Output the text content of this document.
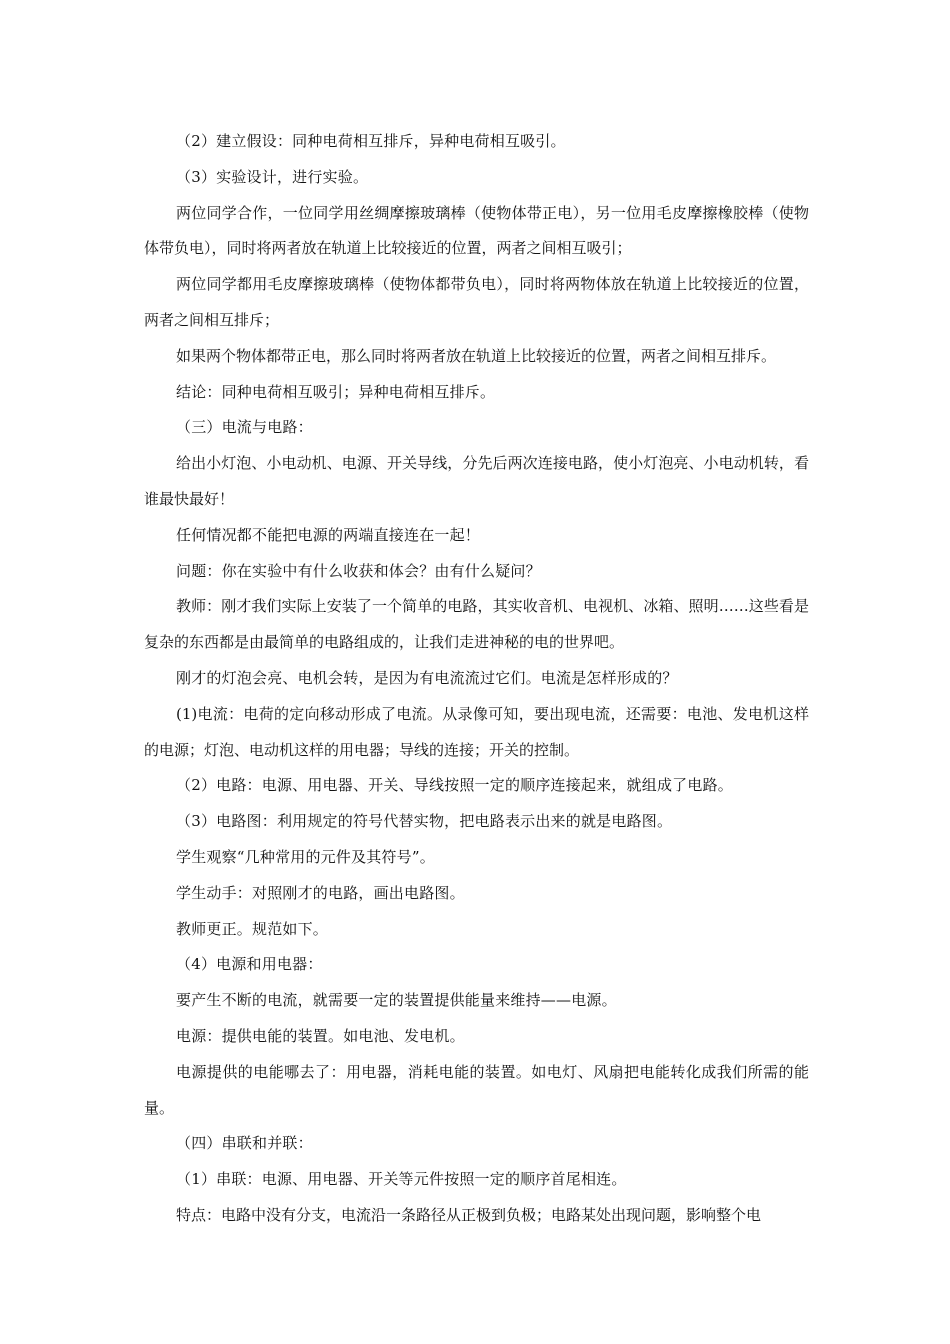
（2）建立假设：同种电荷相互排斥，异种电荷相互吸引。

（3）实验设计，进行实验。

两位同学合作，一位同学用丝绸摩擦玻璃棒（使物体带正电），另一位用毛皮摩擦橡胶棒（使物体带负电），同时将两者放在轨道上比较接近的位置，两者之间相互吸引；

两位同学都用毛皮摩擦玻璃棒（使物体都带负电），同时将两物体放在轨道上比较接近的位置，两者之间相互排斥；

如果两个物体都带正电，那么同时将两者放在轨道上比较接近的位置，两者之间相互排斥。

结论：同种电荷相互吸引；异种电荷相互排斥。

（三）电流与电路：

给出小灯泡、小电动机、电源、开关导线，分先后两次连接电路，使小灯泡亮、小电动机转，看谁最快最好！

任何情况都不能把电源的两端直接连在一起！

问题：你在实验中有什么收获和体会？由有什么疑问？

教师：刚才我们实际上安装了一个简单的电路，其实收音机、电视机、冰箱、照明……这些看是复杂的东西都是由最简单的电路组成的，让我们走进神秘的电的世界吧。

刚才的灯泡会亮、电机会转，是因为有电流流过它们。电流是怎样形成的？

(1)电流：电荷的定向移动形成了电流。从录像可知，要出现电流，还需要：电池、发电机这样的电源；灯泡、电动机这样的用电器；导线的连接；开关的控制。

（2）电路：电源、用电器、开关、导线按照一定的顺序连接起来，就组成了电路。

（3）电路图：利用规定的符号代替实物，把电路表示出来的就是电路图。

学生观察“几种常用的元件及其符号”。

学生动手：对照刚才的电路，画出电路图。

教师更正。规范如下。

（4）电源和用电器：

要产生不断的电流，就需要一定的装置提供能量来维持——电源。

电源：提供电能的装置。如电池、发电机。

电源提供的电能哪去了：用电器，消耗电能的装置。如电灯、风扇把电能转化成我们所需的能量。

（四）串联和并联：

（1）串联：电源、用电器、开关等元件按照一定的顺序首尾相连。

特点：电路中没有分支，电流沿一条路径从正极到负极；电路某处出现问题，影响整个电
